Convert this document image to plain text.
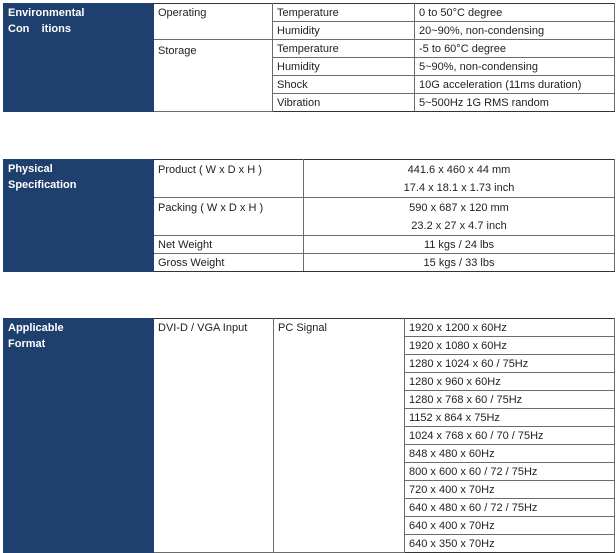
Environmental
Con    itions	Operating	Temperature	0 to 50°C degree
		Humidity	20~90%, non-condensing
	Storage	Temperature	-5 to 60°C degree
		Humidity	5~90%, non-condensing
		Shock	10G acceleration (11ms duration)
		Vibration	5~500Hz 1G RMS random
Physical
Specification
	Product ( W x D x H )	441.6 x 460 x 44 mm
17.4 x 18.1 x 1.73 inch

	Packing ( W x D x H )	590 x 687 x 120 mm
23.2 x 27 x 4.7 inch

	Net Weight	11 kgs / 24 lbs
	Gross Weight	15 kgs / 33 lbs
Applicable
Format
	DVI-D / VGA Input	PC Signal	1920 x 1200 x 60Hz
1920 x 1080 x 60Hz
1280 x 1024 x 60 / 75Hz
1280 x 960 x 60Hz
1280 x 768 x 60 / 75Hz
1152 x 864 x 75Hz
1024 x 768 x 60 / 70 / 75Hz
848 x 480 x 60Hz
800 x 600 x 60 / 72 / 75Hz
720 x 400 x 70Hz
640 x 480 x 60 / 72 / 75Hz
640 x 400 x 70Hz
640 x 350 x 70Hz
